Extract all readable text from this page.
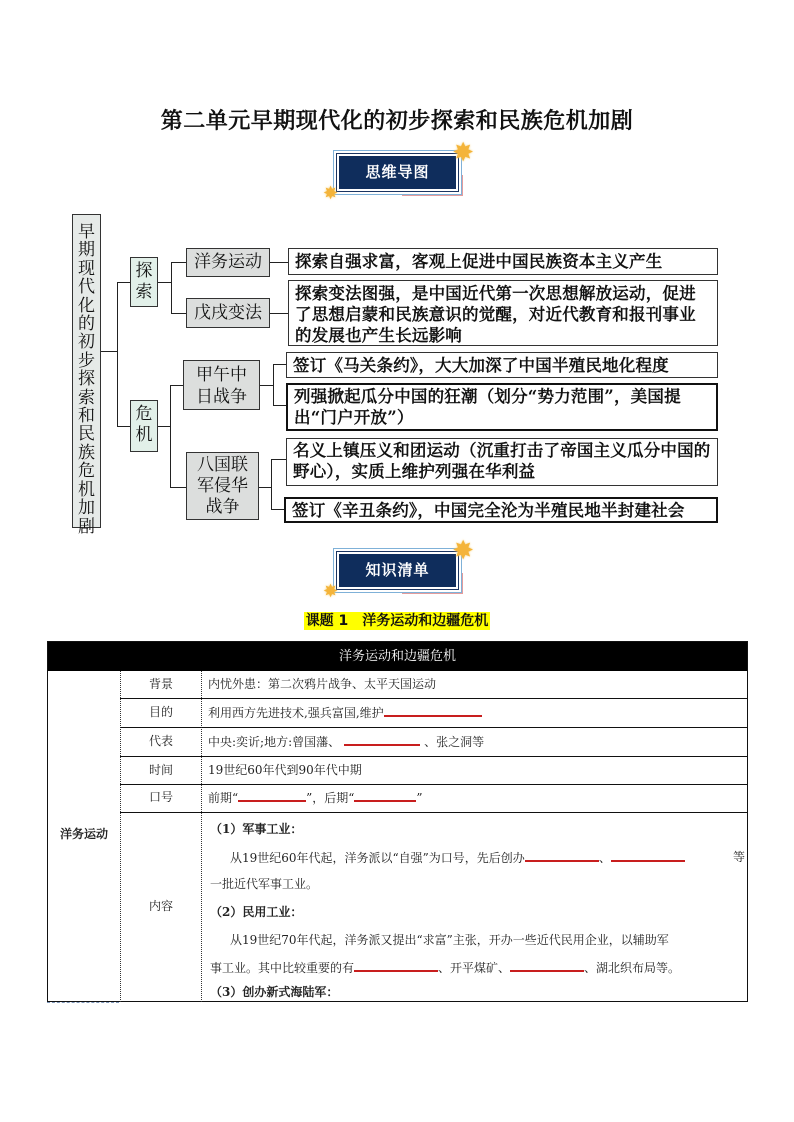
第二单元早期现代化的初步探索和民族危机加剧
思维导图
✸
✸
早期现代化的初步探索和民族危机加剧
探索
洋务运动
戊戌变法
探索自强求富，客观上促进中国民族资本主义产生
探索变法图强，是中国近代第一次思想解放运动，促进了思想启蒙和民族意识的觉醒，对近代教育和报刊事业的发展也产生长远影响
危机
甲午中日战争
八国联军侵华战争
签订《马关条约》，大大加深了中国半殖民地化程度
列强掀起瓜分中国的狂潮（划分“势力范围”，美国提出“门户开放”）
名义上镇压义和团运动（沉重打击了帝国主义瓜分中国的野心），实质上维护列强在华利益
签订《辛丑条约》，中国完全沦为半殖民地半封建社会
知识清单
✸
✸
课题 1　洋务运动和边疆危机
洋务运动和边疆危机
洋务运动
背景	内忧外患：第二次鸦片战争、太平天国运动
目的	利用西方先进技术,强兵富国,维护
代表	中央:奕䜣;地方:曾国藩、	、张之洞等
时间	19世纪60年代到90年代中期
口号	前期“	”，后期“	”
内容
（1）军事工业：
从19世纪60年代起，洋务派以“自强”为口号，先后创办	、	等
一批近代军事工业。
（2）民用工业：
从19世纪70年代起，洋务派又提出“求富”主张，开办一些近代民用企业，以辅助军
事工业。其中比较重要的有	、开平煤矿、	、湖北织布局等。
（3）创办新式海陆军：
